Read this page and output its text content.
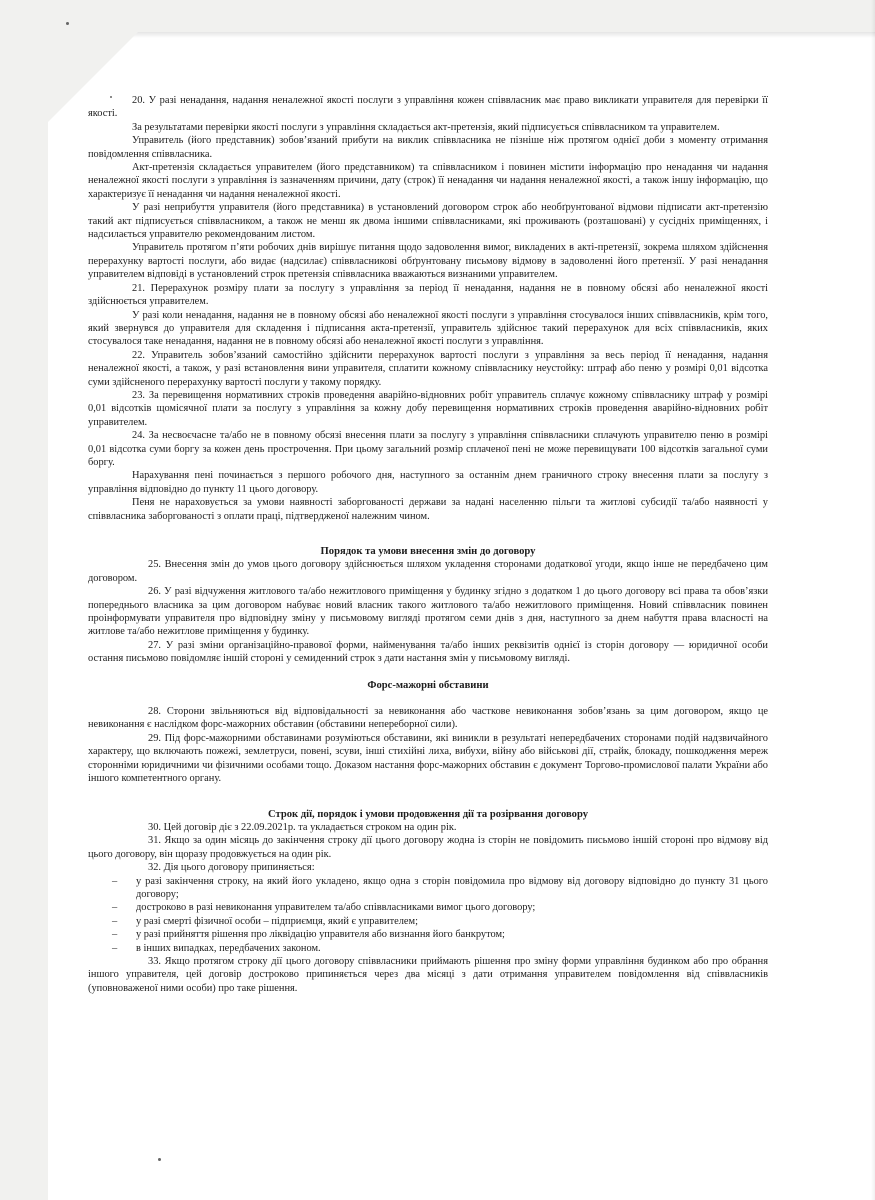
20. У разі ненадання, надання неналежної якості послуги з управління кожен співвласник має право викликати управителя для перевірки її якості.

За результатами перевірки якості послуги з управління складається акт-претензія, який підписується співвласником та управителем.

Управитель (його представник) зобов’язаний прибути на виклик співвласника не пізніше ніж протягом однієї доби з моменту отримання повідомлення співвласника.

Акт-претензія складається управителем (його представником) та співвласником і повинен містити інформацію про ненадання чи надання неналежної якості послуги з управління із зазначенням причини, дату (строк) її ненадання чи надання неналежної якості, а також іншу інформацію, що характеризує її ненадання чи надання неналежної якості.

У разі неприбуття управителя (його представника) в установлений договором строк або необґрунтованої відмови підписати акт-претензію такий акт підписується співвласником, а також не менш як двома іншими співвласниками, які проживають (розташовані) у сусідніх приміщеннях, і надсилається управителю рекомендованим листом.

Управитель протягом п’яти робочих днів вирішує питання щодо задоволення вимог, викладених в акті-претензії, зокрема шляхом здійснення перерахунку вартості послуги, або видає (надсилає) співвласникові обґрунтовану письмову відмову в задоволенні його претензії. У разі ненадання управителем відповіді в установлений строк претензія співвласника вважаються визнаними управителем.

21. Перерахунок розміру плати за послугу з управління за період її ненадання, надання не в повному обсязі або неналежної якості здійснюється управителем.

У разі коли ненадання, надання не в повному обсязі або неналежної якості послуги з управління стосувалося інших співвласників, крім того, який звернувся до управителя для складення і підписання акта-претензії, управитель здійснює такий перерахунок для всіх співвласників, яких стосувалося таке ненадання, надання не в повному обсязі або неналежної якості послуги з управління.

22. Управитель зобов’язаний самостійно здійснити перерахунок вартості послуги з управління за весь період її ненадання, надання неналежної якості, а також, у разі встановлення вини управителя, сплатити кожному співвласнику неустойку: штраф або пеню у розмірі 0,01 відсотка суми здійсненого перерахунку вартості послуги у такому порядку.

23. За перевищення нормативних строків проведення аварійно-відновних робіт управитель сплачує кожному співвласнику штраф у розмірі 0,01 відсотків щомісячної плати за послугу з управління за кожну добу перевищення нормативних строків проведення аварійно-відновних робіт управителем.

24. За несвоєчасне та/або не в повному обсязі внесення плати за послугу з управління співвласники сплачують управителю пеню в розмірі 0,01 відсотка суми боргу за кожен день прострочення. При цьому загальний розмір сплаченої пені не може перевищувати 100 відсотків загальної суми боргу.

Нарахування пені починається з першого робочого дня, наступного за останнім днем граничного строку внесення плати за послугу з управління відповідно до пункту 11 цього договору.

Пеня не нараховується за умови наявності заборгованості держави за надані населенню пільги та житлові субсидії та/або наявності у співвласника заборгованості з оплати праці, підтвердженої належним чином.

Порядок та умови внесення змін до договору

25. Внесення змін до умов цього договору здійснюється шляхом укладення сторонами додаткової угоди, якщо інше не передбачено цим договором.

26. У разі відчуження житлового та/або нежитлового приміщення у будинку згідно з додатком 1 до цього договору всі права та обов’язки попереднього власника за цим договором набуває новий власник такого житлового та/або нежитлового приміщення. Новий співвласник повинен проінформувати управителя про відповідну зміну у письмовому вигляді протягом семи днів з дня, наступного за днем набуття права власності на житлове та/або нежитлове приміщення у будинку.

27. У разі зміни організаційно-правової форми, найменування та/або інших реквізитів однієї із сторін договору — юридичної особи остання письмово повідомляє іншій стороні у семиденний строк з дати настання змін у письмовому вигляді.

Форс-мажорні обставини

28. Сторони звільняються від відповідальності за невиконання або часткове невиконання зобов’язань за цим договором, якщо це невиконання є наслідком форс-мажорних обставин (обставини непереборної сили).

29. Під форс-мажорними обставинами розуміються обставини, які виникли в результаті непередбачених сторонами подій надзвичайного характеру, що включають пожежі, землетруси, повені, зсуви, інші стихійні лиха, вибухи, війну або військові дії, страйк, блокаду, пошкодження мереж сторонніми юридичними чи фізичними особами тощо. Доказом настання форс-мажорних обставин є документ Торгово-промислової палати України або іншого компетентного органу.

Строк дії, порядок і умови продовження дії та розірвання договору

30. Цей договір діє з 22.09.2021р. та укладається строком на один рік.

31. Якщо за один місяць до закінчення строку дії цього договору жодна із сторін не повідомить письмово іншій стороні про відмову від цього договору, він щоразу продовжується на один рік.

32. Дія цього договору припиняється:

– у разі закінчення строку, на який його укладено, якщо одна з сторін повідомила про відмову від договору відповідно до пункту 31 цього договору;
– достроково в разі невиконання управителем та/або співвласниками вимог цього договору;
– у разі смерті фізичної особи – підприємця, який є управителем;
– у разі прийняття рішення про ліквідацію управителя або визнання його банкрутом;
– в інших випадках, передбачених законом.

33. Якщо протягом строку дії цього договору співвласники приймають рішення про зміну форми управління будинком або про обрання іншого управителя, цей договір достроково припиняється через два місяці з дати отримання управителем повідомлення від співвласників (уповноваженої ними особи) про таке рішення.
